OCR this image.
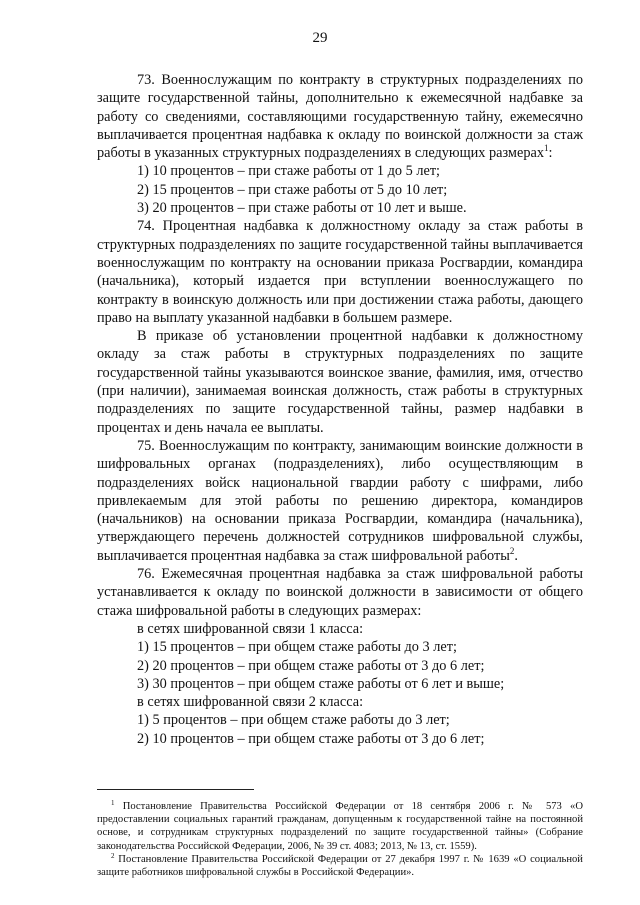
29

73. Военнослужащим по контракту в структурных подразделениях по защите государственной тайны, дополнительно к ежемесячной надбавке за работу со сведениями, составляющими государственную тайну, ежемесячно выплачивается процентная надбавка к окладу по воинской должности за стаж работы в указанных структурных подразделениях в следующих размерах$^1$:

1) 10 процентов – при стаже работы от 1 до 5 лет;

2) 15 процентов – при стаже работы от 5 до 10 лет;

3) 20 процентов – при стаже работы от 10 лет и выше.

74. Процентная надбавка к должностному окладу за стаж работы в структурных подразделениях по защите государственной тайны выплачивается военнослужащим по контракту на основании приказа Росгвардии, командира (начальника), который издается при вступлении военнослужащего по контракту в воинскую должность или при достижении стажа работы, дающего право на выплату указанной надбавки в большем размере.

В приказе об установлении процентной надбавки к должностному окладу за стаж работы в структурных подразделениях по защите государственной тайны указываются воинское звание, фамилия, имя, отчество (при наличии), занимаемая воинская должность, стаж работы в структурных подразделениях по защите государственной тайны, размер надбавки в процентах и день начала ее выплаты.

75. Военнослужащим по контракту, занимающим воинские должности в шифровальных органах (подразделениях), либо осуществляющим в подразделениях войск национальной гвардии работу с шифрами, либо привлекаемым для этой работы по решению директора, командиров (начальников) на основании приказа Росгвардии, командира (начальника), утверждающего перечень должностей сотрудников шифровальной службы, выплачивается процентная надбавка за стаж шифровальной работы$^2$.

76. Ежемесячная процентная надбавка за стаж шифровальной работы устанавливается к окладу по воинской должности в зависимости от общего стажа шифровальной работы в следующих размерах:

в сетях шифрованной связи 1 класса:

1) 15 процентов – при общем стаже работы до 3 лет;

2) 20 процентов – при общем стаже работы от 3 до 6 лет;

3) 30 процентов – при общем стаже работы от 6 лет и выше;

в сетях шифрованной связи 2 класса:

1) 5 процентов – при общем стаже работы до 3 лет;

2) 10 процентов – при общем стаже работы от 3 до 6 лет;

$^1$ Постановление Правительства Российской Федерации от 18 сентября 2006 г. № 573 «О предоставлении социальных гарантий гражданам, допущенным к государственной тайне на постоянной основе, и сотрудникам структурных подразделений по защите государственной тайны» (Собрание законодательства Российской Федерации, 2006, № 39 ст. 4083; 2013, № 13, ст. 1559).

$^2$ Постановление Правительства Российской Федерации от 27 декабря 1997 г. № 1639 «О социальной защите работников шифровальной службы в Российской Федерации».
